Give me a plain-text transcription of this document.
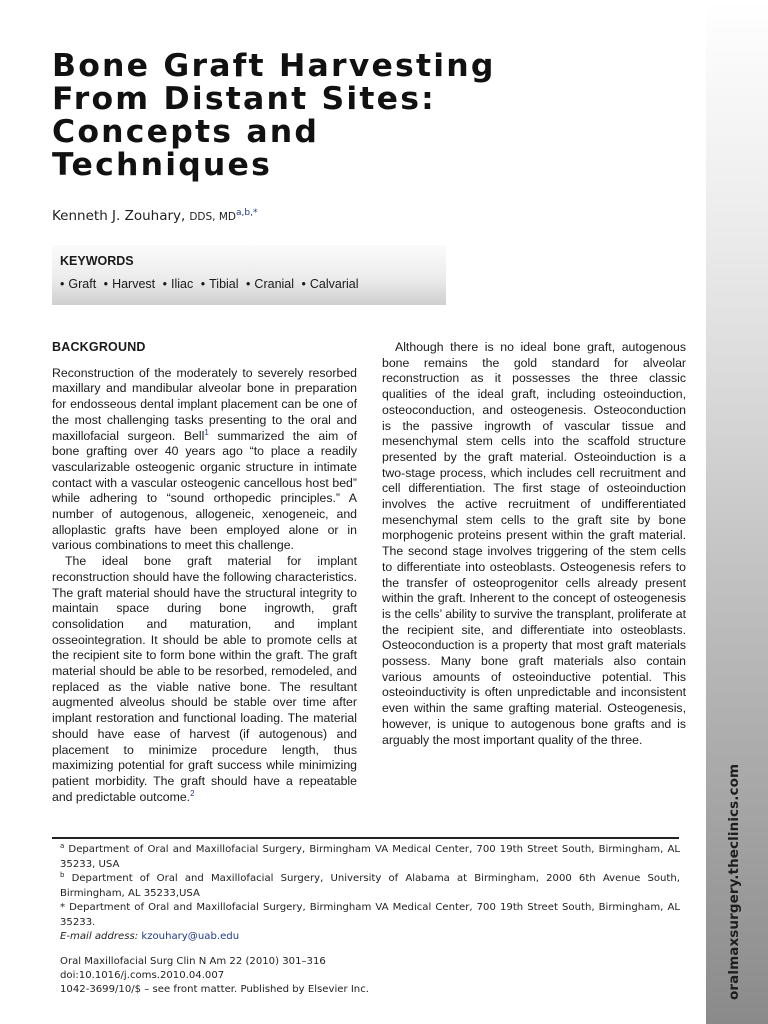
oralmaxsurgery.theclinics.com
Bone Graft Harvesting
From Distant Sites:
Concepts and
Techniques
Kenneth J. Zouhary, DDS, $MD^{a,b,*}$
KEYWORDS
• Graft • Harvest • Iliac • Tibial • Cranial • Calvarial
BACKGROUND

Reconstruction of the moderately to severely resorbed maxillary and mandibular alveolar bone in preparation for endosseous dental implant placement can be one of the most challenging tasks presenting to the oral and maxillofacial surgeon. Bell$^1$ summarized the aim of bone grafting over 40 years ago “to place a readily vascularizable osteogenic organic structure in intimate contact with a vascular osteogenic cancellous host bed” while adhering to “sound orthopedic principles.” A number of autogenous, allogeneic, xenogeneic, and alloplastic grafts have been employed alone or in various combinations to meet this challenge.

The ideal bone graft material for implant reconstruction should have the following characteristics. The graft material should have the structural integrity to maintain space during bone ingrowth, graft consolidation and maturation, and implant osseointegration. It should be able to promote cells at the recipient site to form bone within the graft. The graft material should be able to be resorbed, remodeled, and replaced as the viable native bone. The resultant augmented alveolus should be stable over time after implant restoration and functional loading. The material should have ease of harvest (if autogenous) and placement to minimize procedure length, thus maximizing potential for graft success while minimizing patient morbidity. The graft should have a repeatable and predictable outcome.$^2$

Although there is no ideal bone graft, autogenous bone remains the gold standard for alveolar reconstruction as it possesses the three classic qualities of the ideal graft, including osteoinduction, osteoconduction, and osteogenesis. Osteoconduction is the passive ingrowth of vascular tissue and mesenchymal stem cells into the scaffold structure presented by the graft material. Osteoinduction is a two-stage process, which includes cell recruitment and cell differentiation. The first stage of osteoinduction involves the active recruitment of undifferentiated mesenchymal stem cells to the graft site by bone morphogenic proteins present within the graft material. The second stage involves triggering of the stem cells to differentiate into osteoblasts. Osteogenesis refers to the transfer of osteoprogenitor cells already present within the graft. Inherent to the concept of osteogenesis is the cells’ ability to survive the transplant, proliferate at the recipient site, and differentiate into osteoblasts. Osteoconduction is a property that most graft materials possess. Many bone graft materials also contain various amounts of osteoinductive potential. This osteoinductivity is often unpredictable and inconsistent even within the same grafting material. Osteogenesis, however, is unique to autogenous bone grafts and is arguably the most important quality of the three.

$^a$ Department of Oral and Maxillofacial Surgery, Birmingham VA Medical Center, 700 19th Street South, Birmingham, AL 35233, USA

$^b$ Department of Oral and Maxillofacial Surgery, University of Alabama at Birmingham, 2000 6th Avenue South, Birmingham, AL 35233,USA

* Department of Oral and Maxillofacial Surgery, Birmingham VA Medical Center, 700 19th Street South, Birmingham, AL 35233.

E-mail address: kzouhary@uab.edu

Oral Maxillofacial Surg Clin N Am 22 (2010) 301–316

doi:10.1016/j.coms.2010.04.007

1042-3699/10/$ – see front matter. Published by Elsevier Inc.
